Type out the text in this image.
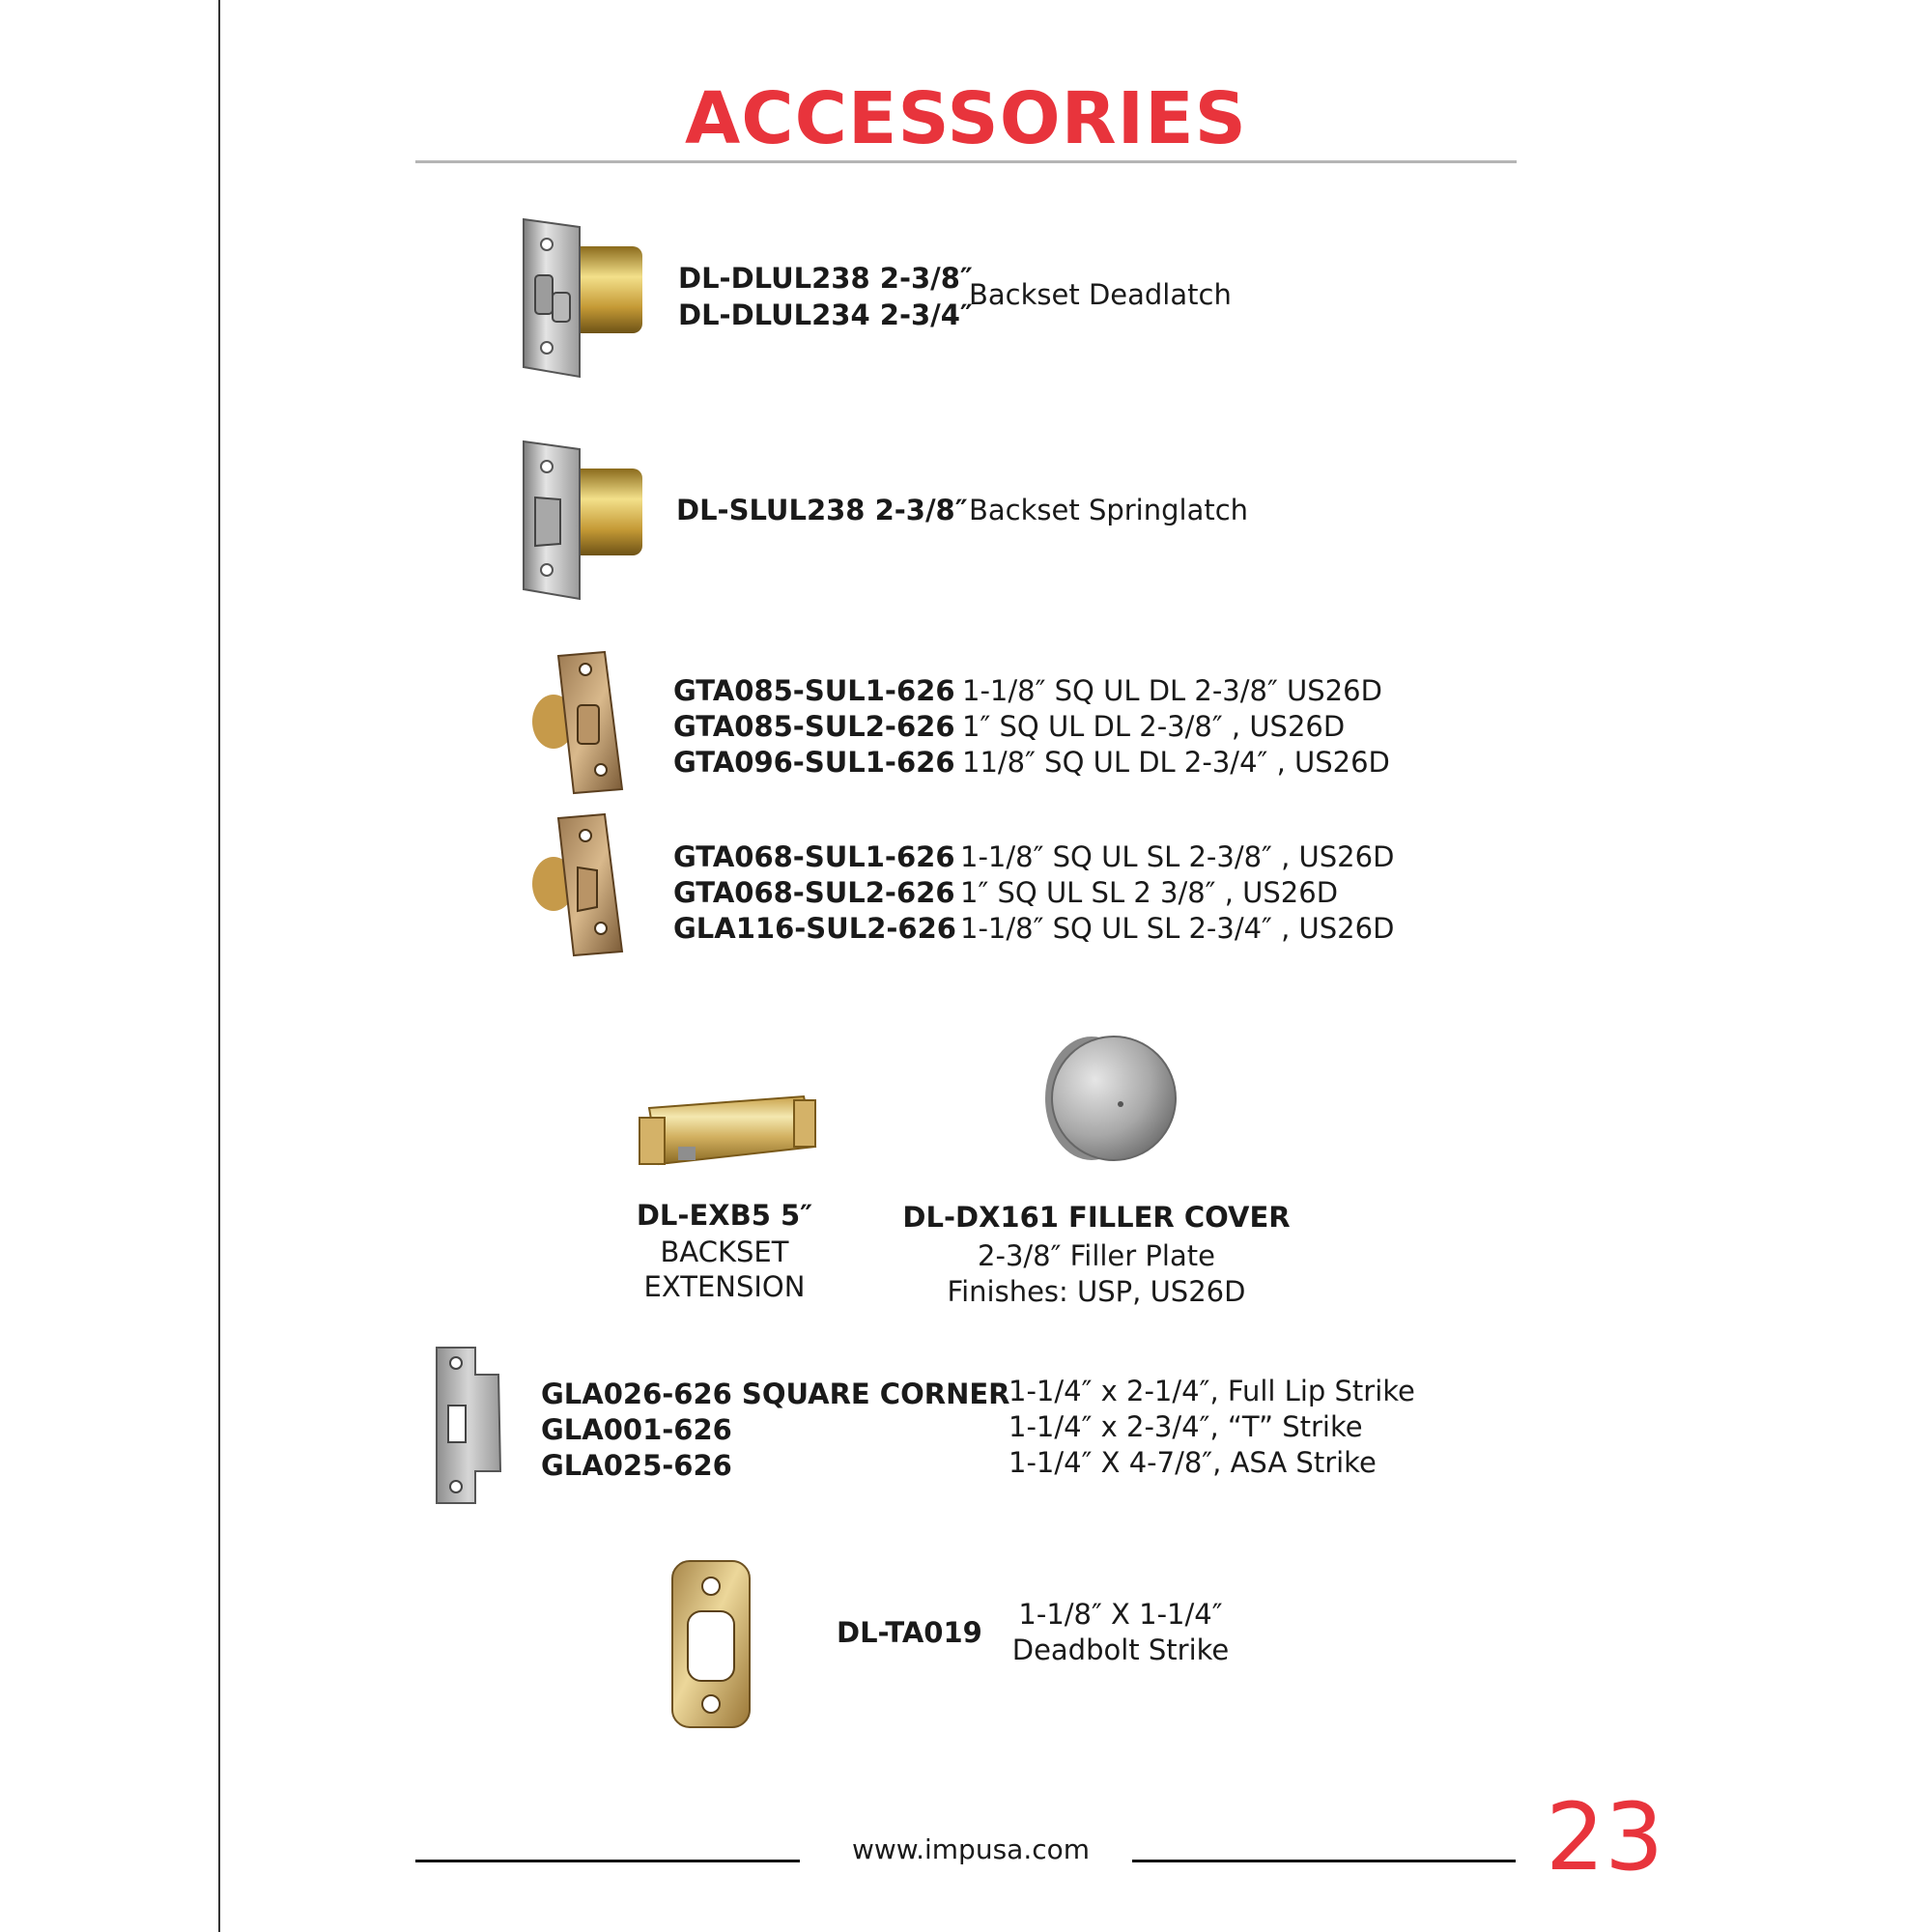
ACCESSORIES
DL-DLUL238 2-3/8″
DL-DLUL234 2-3/4″
Backset Deadlatch
DL-SLUL238 2-3/8″ Backset Springlatch
GTA085-SUL1-626
GTA085-SUL2-626
GTA096-SUL1-626
1-1/8″ SQ UL DL 2-3/8″ US26D
1″ SQ UL DL 2-3/8″ , US26D
11/8″ SQ UL DL 2-3/4″ , US26D
GTA068-SUL1-626
GTA068-SUL2-626
GLA116-SUL2-626
1-1/8″ SQ UL SL 2-3/8″ , US26D
1″ SQ UL SL 2 3/8″ , US26D
1-1/8″ SQ UL SL 2-3/4″ , US26D
DL-EXB5 5″
BACKSET
EXTENSION
DL-DX161 FILLER COVER
2-3/8″ Filler Plate
Finishes: USP, US26D
GLA026-626 SQUARE CORNER
GLA001-626
GLA025-626
1-1/4″ x 2-1/4″, Full Lip Strike
1-1/4″ x 2-3/4″, “T” Strike
1-1/4″ X 4-7/8″, ASA Strike
DL-TA019
1-1/8″ X 1-1/4″
Deadbolt Strike
www.impusa.com	23
